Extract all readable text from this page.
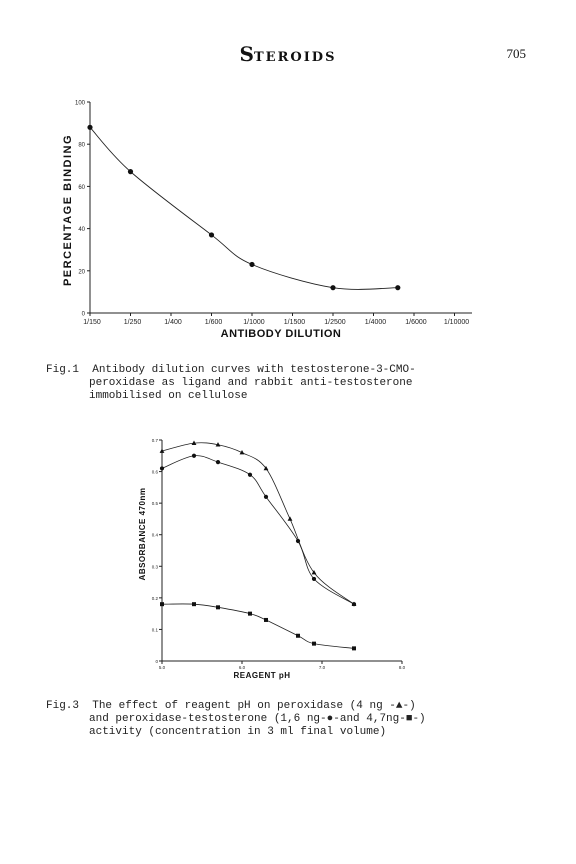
STEROIDS	705
0
20
40
60
80
100
1/150	1/250	1/400	1/600	1/1000	1/1500	1/2500	1/4000	1/6000 1/10000
ANTIBODY DILUTION
PERCENTAGE BINDING
Fig.1 Antibody dilution curves with testosterone-3-CMO-
peroxidase as ligand and rabbit anti-testosterone
immobilised on cellulose
0
0.1
0.2
0.3
0.4
0.5
0.6
0.7
5.0	6.0	7.0	8.0
REAGENT pH
ABSORBANCE 470nm
Fig.3 The effect of reagent pH on peroxidase (4 ng -▲-)
and peroxidase-testosterone (1,6 ng-●-and 4,7ng-■-)
activity (concentration in 3 ml final volume)
